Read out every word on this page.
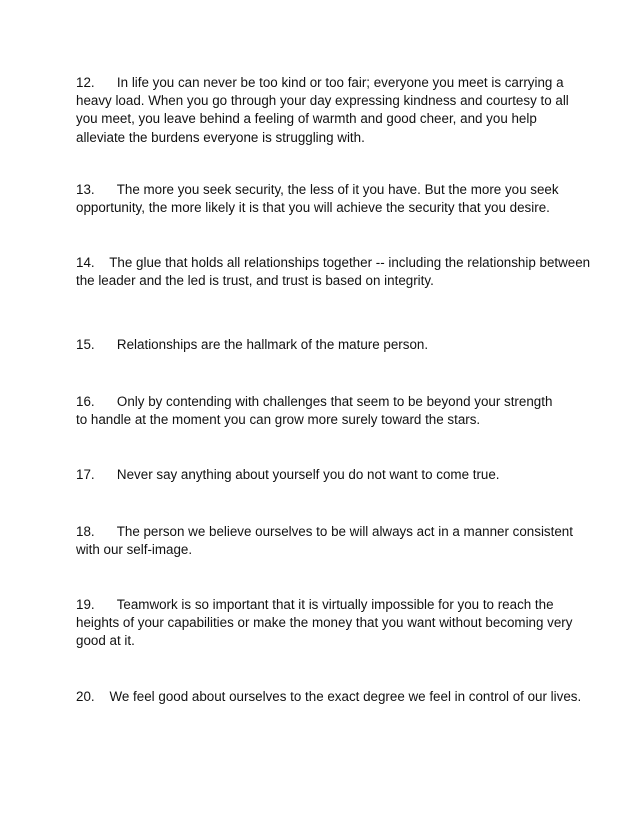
12.      In life you can never be too kind or too fair; everyone you meet is carrying a
heavy load. When you go through your day expressing kindness and courtesy to all
you meet, you leave behind a feeling of warmth and good cheer, and you help
alleviate the burdens everyone is struggling with.

13.      The more you seek security, the less of it you have. But the more you seek
opportunity, the more likely it is that you will achieve the security that you desire.

14.    The glue that holds all relationships together -- including the relationship between
the leader and the led is trust, and trust is based on integrity.

15.      Relationships are the hallmark of the mature person.

16.      Only by contending with challenges that seem to be beyond your strength
to handle at the moment you can grow more surely toward the stars.

17.      Never say anything about yourself you do not want to come true.

18.      The person we believe ourselves to be will always act in a manner consistent
with our self-image.

19.      Teamwork is so important that it is virtually impossible for you to reach the
heights of your capabilities or make the money that you want without becoming very
good at it.

20.    We feel good about ourselves to the exact degree we feel in control of our lives.
